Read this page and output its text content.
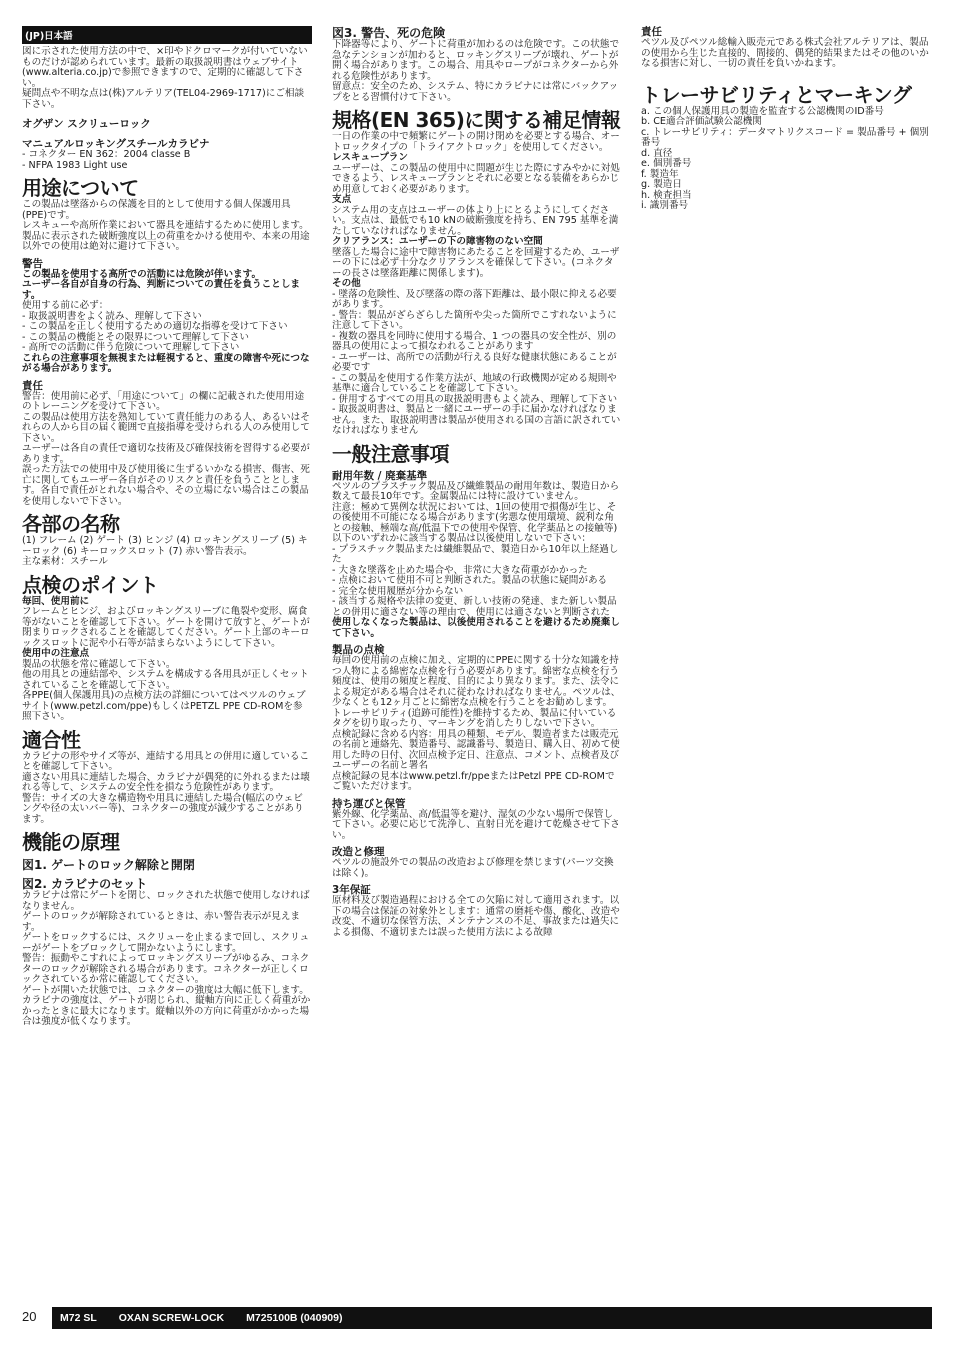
(JP)日本語

図に示された使用方法の中で、×印やドクロマークが付いていないものだけが認められています。最新の取扱説明書はウェブサイト(www.alteria.co.jp)で参照できますので、定期的に確認して下さい。
疑問点や不明な点は(株)アルテリア(TEL04-2969-1717)にご相談下さい。

オグザン スクリューロック
マニュアルロッキングスチールカラビナ

- コネクター EN 362：2004 classe B
- NFPA 1983 Light use

用途について

この製品は墜落からの保護を目的として使用する個人保護用具(PPE)です。
レスキューや高所作業において器具を連結するために使用します。
製品に表示された破断強度以上の荷重をかける使用や、本来の用途以外での使用は絶対に避けて下さい。

警告

この製品を使用する高所での活動には危険が伴います。
ユーザー各自が自身の行為、判断についての責任を負うことします。

使用する前に必ず：
- 取扱説明書をよく読み、理解して下さい
- この製品を正しく使用するための適切な指導を受けて下さい
- この製品の機能とその限界について理解して下さい
- 高所での活動に伴う危険について理解して下さい

これらの注意事項を無視または軽視すると、重度の障害や死につながる場合があります。

責任

警告：使用前に必ず、「用途について」の欄に記載された使用用途のトレーニングを受けて下さい。
この製品は使用方法を熟知していて責任能力のある人、あるいはそれらの人から目の届く範囲で直接指導を受けられる人のみ使用して下さい。
ユーザーは各自の責任で適切な技術及び確保技術を習得する必要があります。
誤った方法での使用中及び使用後に生ずるいかなる損害、傷害、死亡に関してもユーザー各自がそのリスクと責任を負うこととします。各自で責任がとれない場合や、その立場にない場合はこの製品を使用しないで下さい。

各部の名称

(1) フレーム (2) ゲート (3) ヒンジ (4) ロッキングスリーブ (5) キーロック (6) キーロックスロット (7) 赤い警告表示。
主な素材：スチール

点検のポイント

毎回、使用前に

フレームとヒンジ、およびロッキングスリーブに亀裂や変形、腐食等がないことを確認して下さい。ゲートを開けて放すと、ゲートが閉まりロックされることを確認してください。ゲート上部のキーロックスロットに泥や小石等が詰まらないようにして下さい。

使用中の注意点

製品の状態を常に確認して下さい。
他の用具との連結部や、システムを構成する各用具が正しくセットされていることを確認して下さい。
各PPE(個人保護用具)の点検方法の詳細についてはペツルのウェブサイト(www.petzl.com/ppe)もしくはPETZL PPE CD-ROMを参照下さい。

適合性

カラビナの形やサイズ等が、連結する用具との併用に適していることを確認して下さい。
適さない用具に連結した場合、カラビナが偶発的に外れるまたは壊れる等して、システムの安全性を損なう危険性があります。
警告：サイズの大きな構造物や用具に連結した場合(幅広のウェビングや径の太いバー等)、コネクターの強度が減少することがあります。

機能の原理
図1. ゲートのロック解除と開閉
図2. カラビナのセット

カラビナは常にゲートを閉じ、ロックされた状態で使用しなければなりません。
ゲートのロックが解除されているときは、赤い警告表示が見えます。
ゲートをロックするには、スクリューを止まるまで回し、スクリューがゲートをブロックして開かないようにします。
警告：振動やこすれによってロッキングスリーブがゆるみ、コネクターのロックが解除される場合があります。コネクターが正しくロックされているか常に確認してください。
ゲートが開いた状態では、コネクターの強度は大幅に低下します。
カラビナの強度は、ゲートが閉じられ、縦軸方向に正しく荷重がかかったときに最大になります。縦軸以外の方向に荷重がかかった場合は強度が低くなります。

図3. 警告、死の危険

下降器等により、ゲートに荷重が加わるのは危険です。この状態で急なテンションが加わると、ロッキングスリーブが壊れ、ゲートが開く場合があります。この場合、用具やロープがコネクターから外れる危険性があります。
留意点：安全のため、システム、特にカラビナには常にバックアップをとる習慣付けて下さい。

規格(EN 365)に関する補足情報

一日の作業の中で頻繁にゲートの開け閉めを必要とする場合、オートロックタイプの「トライアクトロック」を使用してください。

レスキュープラン

ユーザーは、この製品の使用中に問題が生じた際にすみやかに対処できるよう、レスキュープランとそれに必要となる装備をあらかじめ用意しておく必要があります。

支点

システム用の支点はユーザーの体より上にとるようにしてください。支点は、最低でも10 kNの破断強度を持ち、EN 795 基準を満たしていなければなりません。

クリアランス：ユーザーの下の障害物のない空間

墜落した場合に途中で障害物にあたることを回避するため、ユーザーの下には必ず十分なクリアランスを確保して下さい。(コネクターの長さは墜落距離に関係します)。

その他

- 墜落の危険性、及び墜落の際の落下距離は、最小限に抑える必要があります。
- 警告：製品がざらざらした箇所や尖った箇所でこすれないように注意して下さい。
- 複数の器具を同時に使用する場合、1 つの器具の安全性が、別の器具の使用によって損なわれることがあります
- ユーザーは、高所での活動が行える良好な健康状態にあることが必要です
- この製品を使用する作業方法が、地域の行政機関が定める規則や基準に適合していることを確認して下さい。
- 併用するすべての用具の取扱説明書もよく読み、理解して下さい
- 取扱説明書は、製品と一緒にユーザーの手に届かなければなりません。また、取扱説明書は製品が使用される国の言語に訳されていなければなりません

一般注意事項
耐用年数 / 廃棄基準

ペツルのプラスチック製品及び繊維製品の耐用年数は、製造日から数えて最長10年です。金属製品には特に設けていません。
注意：極めて異例な状況においては、1回の使用で損傷が生じ、その後使用不可能になる場合があります(劣悪な使用環境、鋭利な角との接触、極端な高/低温下での使用や保管、化学薬品との接触等)
以下のいずれかに該当する製品は以後使用しないで下さい：
- プラスチック製品または繊維製品で、製造日から10年以上経過した
- 大きな墜落を止めた場合や、非常に大きな荷重がかかった
- 点検において使用不可と判断された。製品の状態に疑問がある
- 完全な使用履歴が分からない
- 該当する規格や法律の変更、新しい技術の発達、また新しい製品との併用に適さない等の理由で、使用には適さないと判断された

使用しなくなった製品は、以後使用されることを避けるため廃棄して下さい。

製品の点検

毎回の使用前の点検に加え、定期的にPPEに関する十分な知識を持つ人物による綿密な点検を行う必要があります。綿密な点検を行う頻度は、使用の頻度と程度、目的により異なります。また、法令による規定がある場合はそれに従わなければなりません。ペツルは、少なくとも12ヶ月ごとに綿密な点検を行うことをお勧めします。
トレーサビリティ(追跡可能性)を維持するため、製品に付いているタグを切り取ったり、マーキングを消したりしないで下さい。
点検記録に含める内容：用具の種類、モデル、製造者または販売元の名前と連絡先、製造番号、認識番号、製造日、購入日、初めて使用した時の日付、次回点検予定日、注意点、コメント、点検者及びユーザーの名前と署名
点検記録の見本はwww.petzl.fr/ppeまたはPetzl PPE CD-ROMでご覧いただけます。

持ち運びと保管

紫外線、化学薬品、高/低温等を避け、湿気の少ない場所で保管して下さい。必要に応じて洗浄し、直射日光を避けて乾燥させて下さい。

改造と修理

ペツルの施設外での製品の改造および修理を禁じます(パーツ交換は除く)。

3年保証

原材料及び製造過程における全ての欠陥に対して適用されます。以下の場合は保証の対象外とします：通常の磨耗や傷、酸化、改造や改変、不適切な保管方法、メンテナンスの不足、事故または過失による損傷、不適切または誤った使用方法による故障

責任

ペツル及びペツル総輸入販売元である株式会社アルテリアは、製品の使用から生じた直接的、間接的、偶発的結果またはその他のいかなる損害に対し、一切の責任を負いかねます。

トレーサビリティとマーキング

a. この個人保護用具の製造を監査する公認機関のID番号
b. CE適合評価試験公認機関
c. トレーサビリティ：データマトリクスコード = 製品番号 + 個別番号
d. 直径
e. 個別番号
f. 製造年
g. 製造日
h. 検査担当
i. 識別番号

20	M72 SL OXAN SCREW-LOCK M725100B (040909)
